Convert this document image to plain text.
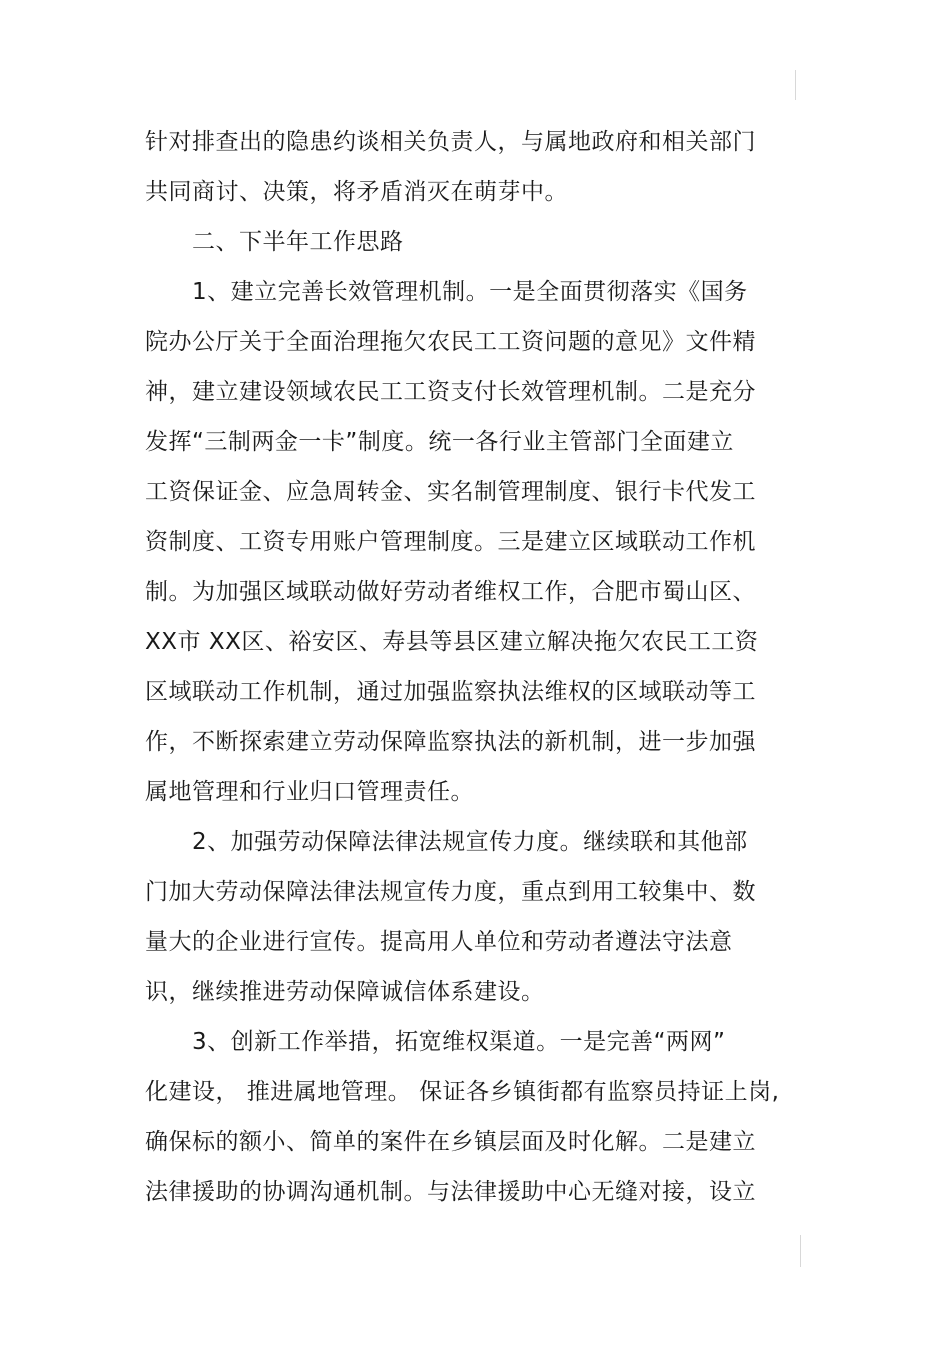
针对排查出的隐患约谈相关负责人，与属地政府和相关部门
共同商讨、决策，将矛盾消灭在萌芽中。
二、下半年工作思路
1、建立完善长效管理机制。一是全面贯彻落实《国务
院办公厅关于全面治理拖欠农民工工资问题的意见》文件精
神，建立建设领域农民工工资支付长效管理机制。二是充分
发挥“三制两金一卡”制度。统一各行业主管部门全面建立
工资保证金、应急周转金、实名制管理制度、银行卡代发工
资制度、工资专用账户管理制度。三是建立区域联动工作机
制。为加强区域联动做好劳动者维权工作，合肥市蜀山区、
XX市 XX区、裕安区、寿县等县区建立解决拖欠农民工工资
区域联动工作机制，通过加强监察执法维权的区域联动等工
作，不断探索建立劳动保障监察执法的新机制，进一步加强
属地管理和行业归口管理责任。
2、加强劳动保障法律法规宣传力度。继续联和其他部
门加大劳动保障法律法规宣传力度，重点到用工较集中、数
量大的企业进行宣传。提高用人单位和劳动者遵法守法意
识，继续推进劳动保障诚信体系建设。
3、创新工作举措，拓宽维权渠道。一是完善“两网”
化建设， 推进属地管理。 保证各乡镇街都有监察员持证上岗,
确保标的额小、简单的案件在乡镇层面及时化解。二是建立
法律援助的协调沟通机制。与法律援助中心无缝对接，设立
